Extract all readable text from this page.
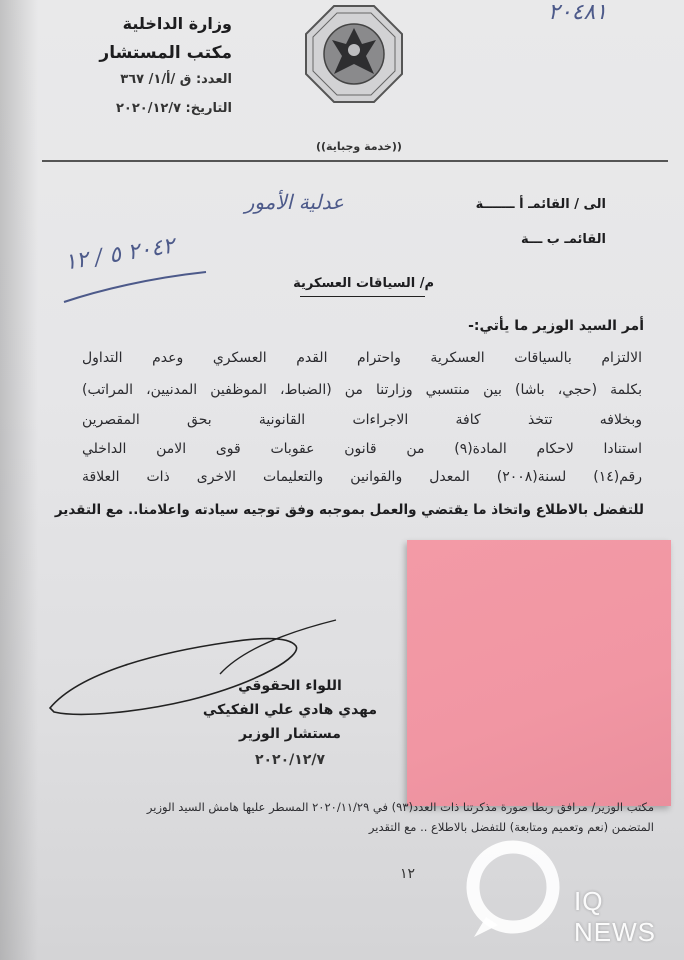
وزارة الداخلية
مكتب المستشار
العدد: ق /أ/١/ ٣٦٧
التاريخ: ٢٠٢٠/١٢/٧
((خدمة وجباية))
٢٠٤٨١
الى / القائمـ أ ـــــــة
عدلية الأمور
القائمـ ب ـــة
م/ السياقات العسكرية
٢٠٤٢ ٥ / ١٢
أمر السيد الوزير ما يأتي:-
الالتزام بالسياقات العسكرية واحترام القدم العسكري وعدم التداول
بكلمة (حجي، باشا) بين منتسبي وزارتنا من (الضباط، الموظفين المدنيين، المراتب)
وبخلافه تتخذ كافة الاجراءات القانونية بحق المقصرين
استنادا لاحكام المادة(٩) من قانون عقوبات قوى الامن الداخلي
رقم(١٤) لسنة(٢٠٠٨) المعدل والقوانين والتعليمات الاخرى ذات العلاقة
للتفضل بالاطلاع واتخاذ ما يقتضي والعمل بموجبه وفق توجيه سيادته واعلامنا.. مع التقدير
اللواء الحقوقي
مهدي هادي علي الفكيكي
مستشار الوزير
٢٠٢٠/١٢/٧
مكتب الوزير/ مرافق ربطا صورة مذكرتنا ذات العدد(٩٣) في ٢٠٢٠/١١/٢٩ المسطر عليها هامش السيد الوزير
المتضمن (نعم وتعميم ومتابعة) للتفضل بالاطلاع .. مع التقدير
١٢
IQ NEWS
